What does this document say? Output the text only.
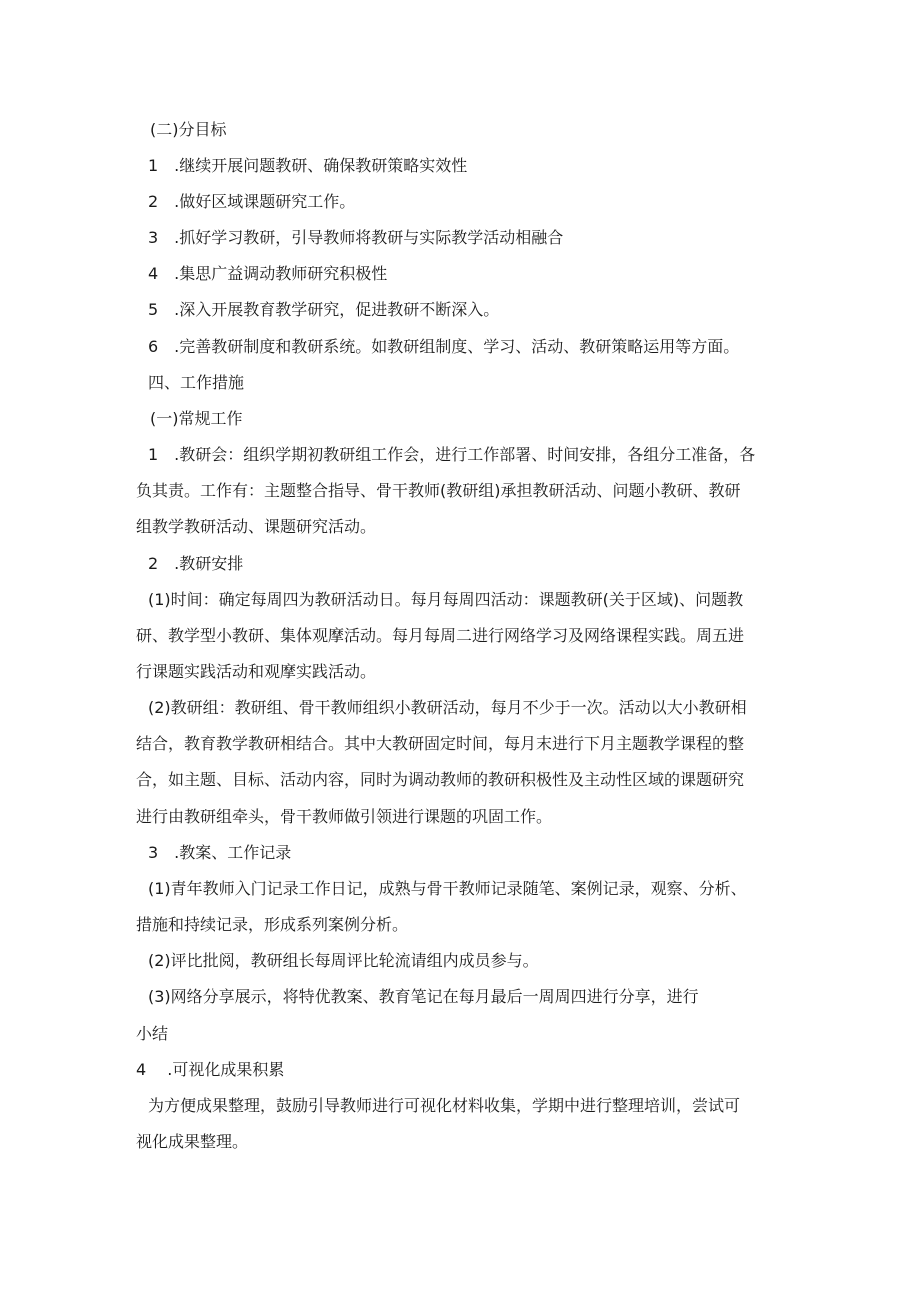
(二)分目标
1　.继续开展问题教研、确保教研策略实效性
2　.做好区域课题研究工作。
3　.抓好学习教研，引导教师将教研与实际教学活动相融合
4　.集思广益调动教师研究积极性
5　.深入开展教育教学研究，促进教研不断深入。
6　.完善教研制度和教研系统。如教研组制度、学习、活动、教研策略运用等方面。
四、工作措施
(一)常规工作
1　.教研会：组织学期初教研组工作会，进行工作部署、时间安排，各组分工准备，各
负其责。工作有：主题整合指导、骨干教师(教研组)承担教研活动、问题小教研、教研
组教学教研活动、课题研究活动。
2　.教研安排
(1)时间：确定每周四为教研活动日。每月每周四活动：课题教研(关于区域)、问题教
研、教学型小教研、集体观摩活动。每月每周二进行网络学习及网络课程实践。周五进
行课题实践活动和观摩实践活动。
(2)教研组：教研组、骨干教师组织小教研活动，每月不少于一次。活动以大小教研相
结合，教育教学教研相结合。其中大教研固定时间，每月末进行下月主题教学课程的整
合，如主题、目标、活动内容，同时为调动教师的教研积极性及主动性区域的课题研究
进行由教研组牵头，骨干教师做引领进行课题的巩固工作。
3　.教案、工作记录
(1)青年教师入门记录工作日记，成熟与骨干教师记录随笔、案例记录，观察、分析、
措施和持续记录，形成系列案例分析。
(2)评比批阅，教研组长每周评比轮流请组内成员参与。
(3)网络分享展示，将特优教案、教育笔记在每月最后一周周四进行分享，进行
小结
4　 .可视化成果积累
为方便成果整理，鼓励引导教师进行可视化材料收集，学期中进行整理培训，尝试可
视化成果整理。
